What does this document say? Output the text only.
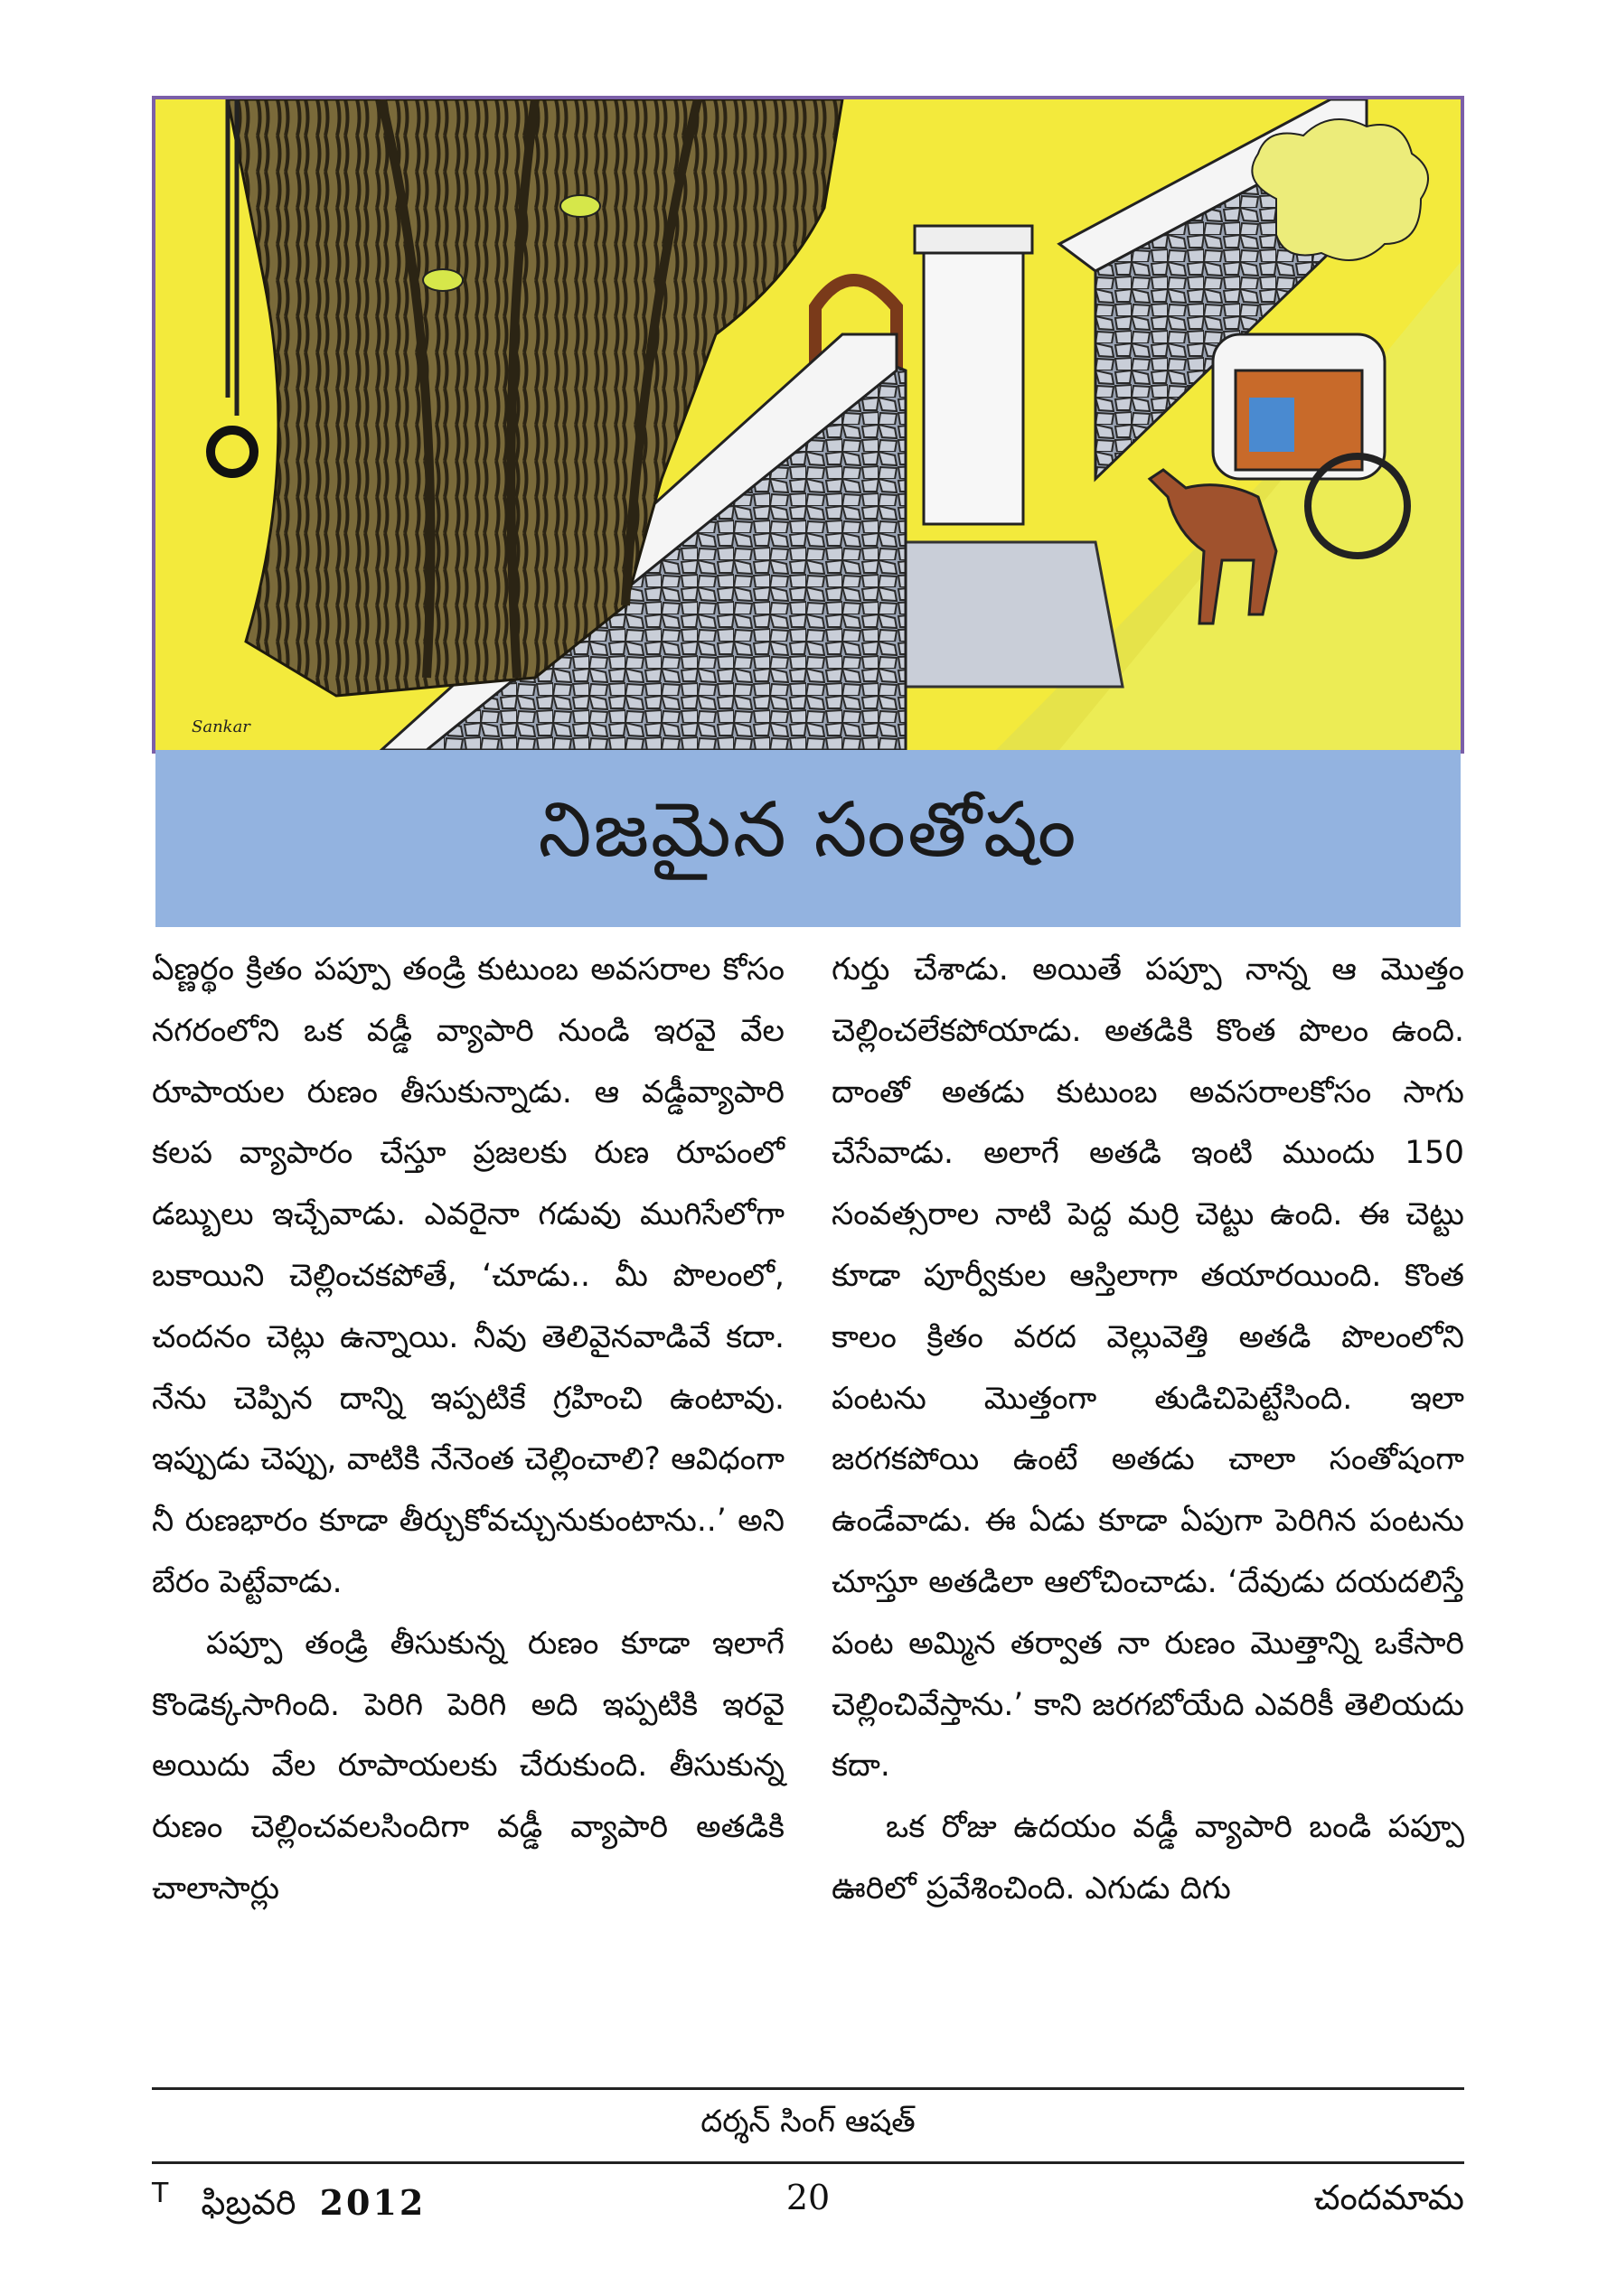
Sankar
నిజమైన సంతోషం

ఏణ్ణర్థం క్రితం పప్పూ తండ్రి కుటుంబ అవసరాల కోసం నగరంలోని ఒక వడ్డీ వ్యాపారి నుండి ఇరవై వేల రూపాయల రుణం తీసుకున్నాడు. ఆ వడ్డీవ్యాపారి కలప వ్యాపారం చేస్తూ ప్రజలకు రుణ రూపంలో డబ్బులు ఇచ్చేవాడు. ఎవరైనా గడువు ముగిసేలోగా బకాయిని చెల్లించకపోతే, ‘చూడు.. మీ పొలంలో, చందనం చెట్లు ఉన్నాయి. నీవు తెలివైనవాడివే కదా. నేను చెప్పిన దాన్ని ఇప్పటికే గ్రహించి ఉంటావు. ఇప్పుడు చెప్పు, వాటికి నేనెంత చెల్లించాలి? ఆవిధంగా నీ రుణభారం కూడా తీర్చుకోవచ్చునుకుంటాను..’ అని బేరం పెట్టేవాడు.

పప్పూ తండ్రి తీసుకున్న రుణం కూడా ఇలాగే కొండెక్కసాగింది. పెరిగి పెరిగి అది ఇప్పటికి ఇరవై అయిదు వేల రూపాయలకు చేరుకుంది. తీసుకున్న రుణం చెల్లించవలసిందిగా వడ్డీ వ్యాపారి అతడికి చాలాసార్లు

గుర్తు చేశాడు. అయితే పప్పూ నాన్న ఆ మొత్తం చెల్లించలేకపోయాడు. అతడికి కొంత పొలం ఉంది. దాంతో అతడు కుటుంబ అవసరాలకోసం సాగు చేసేవాడు. అలాగే అతడి ఇంటి ముందు 150 సంవత్సరాల నాటి పెద్ద మర్రి చెట్టు ఉంది. ఈ చెట్టు కూడా పూర్వీకుల ఆస్తిలాగా తయారయింది. కొంత కాలం క్రితం వరద వెల్లువెత్తి అతడి పొలంలోని పంటను మొత్తంగా తుడిచిపెట్టేసింది. ఇలా జరగకపోయి ఉంటే అతడు చాలా సంతోషంగా ఉండేవాడు. ఈ ఏడు కూడా ఏపుగా పెరిగిన పంటను చూస్తూ అతడిలా ఆలోచించాడు. ‘దేవుడు దయదలిస్తే పంట అమ్మిన తర్వాత నా రుణం మొత్తాన్ని ఒకేసారి చెల్లించివేస్తాను.’ కాని జరగబోయేది ఎవరికీ తెలియదు కదా.

ఒక రోజు ఉదయం వడ్డీ వ్యాపారి బండి పప్పూ ఊరిలో ప్రవేశించింది. ఎగుడు దిగు

దర్శన్ సింగ్ ఆషత్
$^T$ ఫిబ్రవరి 2012	20	చందమామ
